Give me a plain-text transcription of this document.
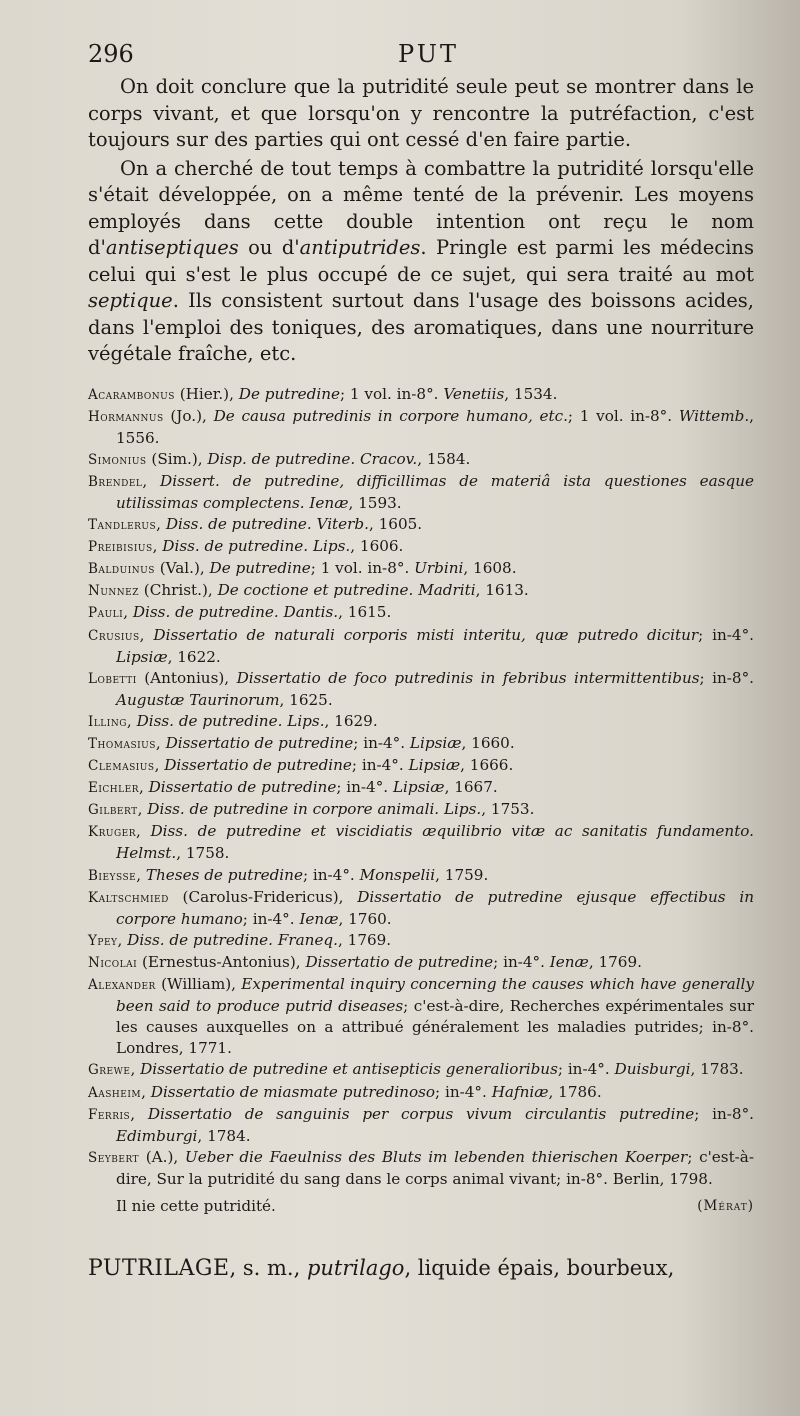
296	PUT

On doit conclure que la putridité seule peut se montrer dans le corps vivant, et que lorsqu'on y rencontre la putréfaction, c'est toujours sur des parties qui ont cessé d'en faire partie.

On a cherché de tout temps à combattre la putridité lorsqu'elle s'était développée, on a même tenté de la prévenir. Les moyens employés dans cette double intention ont reçu le nom d'antiseptiques ou d'antiputrides. Pringle est parmi les médecins celui qui s'est le plus occupé de ce sujet, qui sera traité au mot septique. Ils consistent surtout dans l'usage des boissons acides, dans l'emploi des toniques, des aromatiques, dans une nourriture végétale fraîche, etc.

Acarambonus (Hier.), De putredine; 1 vol. in-8°. Venetiis, 1534.

Hormannus (Jo.), De causa putredinis in corpore humano, etc.; 1 vol. in-8°. Wittemb., 1556.

Simonius (Sim.), Disp. de putredine. Cracov., 1584.

Brendel, Dissert. de putredine, difficillimas de materiâ ista questiones easque utilissimas complectens. Ienæ, 1593.

Tandlerus, Diss. de putredine. Viterb., 1605.

Preibisius, Diss. de putredine. Lips., 1606.

Balduinus (Val.), De putredine; 1 vol. in-8°. Urbini, 1608.

Nunnez (Christ.), De coctione et putredine. Madriti, 1613.

Pauli, Diss. de putredine. Dantis., 1615.

Crusius, Dissertatio de naturali corporis misti interitu, quæ putredo dicitur; in-4°. Lipsiæ, 1622.

Lobetti (Antonius), Dissertatio de foco putredinis in febribus intermittentibus; in-8°. Augustæ Taurinorum, 1625.

Illing, Diss. de putredine. Lips., 1629.

Thomasius, Dissertatio de putredine; in-4°. Lipsiæ, 1660.

Clemasius, Dissertatio de putredine; in-4°. Lipsiæ, 1666.

Eichler, Dissertatio de putredine; in-4°. Lipsiæ, 1667.

Gilbert, Diss. de putredine in corpore animali. Lips., 1753.

Kruger, Diss. de putredine et viscidiatis æquilibrio vitæ ac sanitatis fundamento. Helmst., 1758.

Bieysse, Theses de putredine; in-4°. Monspelii, 1759.

Kaltschmied (Carolus-Fridericus), Dissertatio de putredine ejusque effectibus in corpore humano; in-4°. Ienæ, 1760.

Ypey, Diss. de putredine. Franeq., 1769.

Nicolai (Ernestus-Antonius), Dissertatio de putredine; in-4°. Ienæ, 1769.

Alexander (William), Experimental inquiry concerning the causes which have generally been said to produce putrid diseases; c'est-à-dire, Recherches expérimentales sur les causes auxquelles on a attribué généralement les maladies putrides; in-8°. Londres, 1771.

Grewe, Dissertatio de putredine et antisepticis generalioribus; in-4°. Duisburgi, 1783.

Aasheim, Dissertatio de miasmate putredinoso; in-4°. Hafniæ, 1786.

Ferris, Dissertatio de sanguinis per corpus vivum circulantis putredine; in-8°. Edimburgi, 1784.

Seybert (A.), Ueber die Faeulniss des Bluts im lebenden thierischen Koerper; c'est-à-dire, Sur la putridité du sang dans le corps animal vivant; in-8°. Berlin, 1798.

Il nie cette putridité.	(Mérat)
PUTRILAGE, s. m., putrilago, liquide épais, bourbeux,
